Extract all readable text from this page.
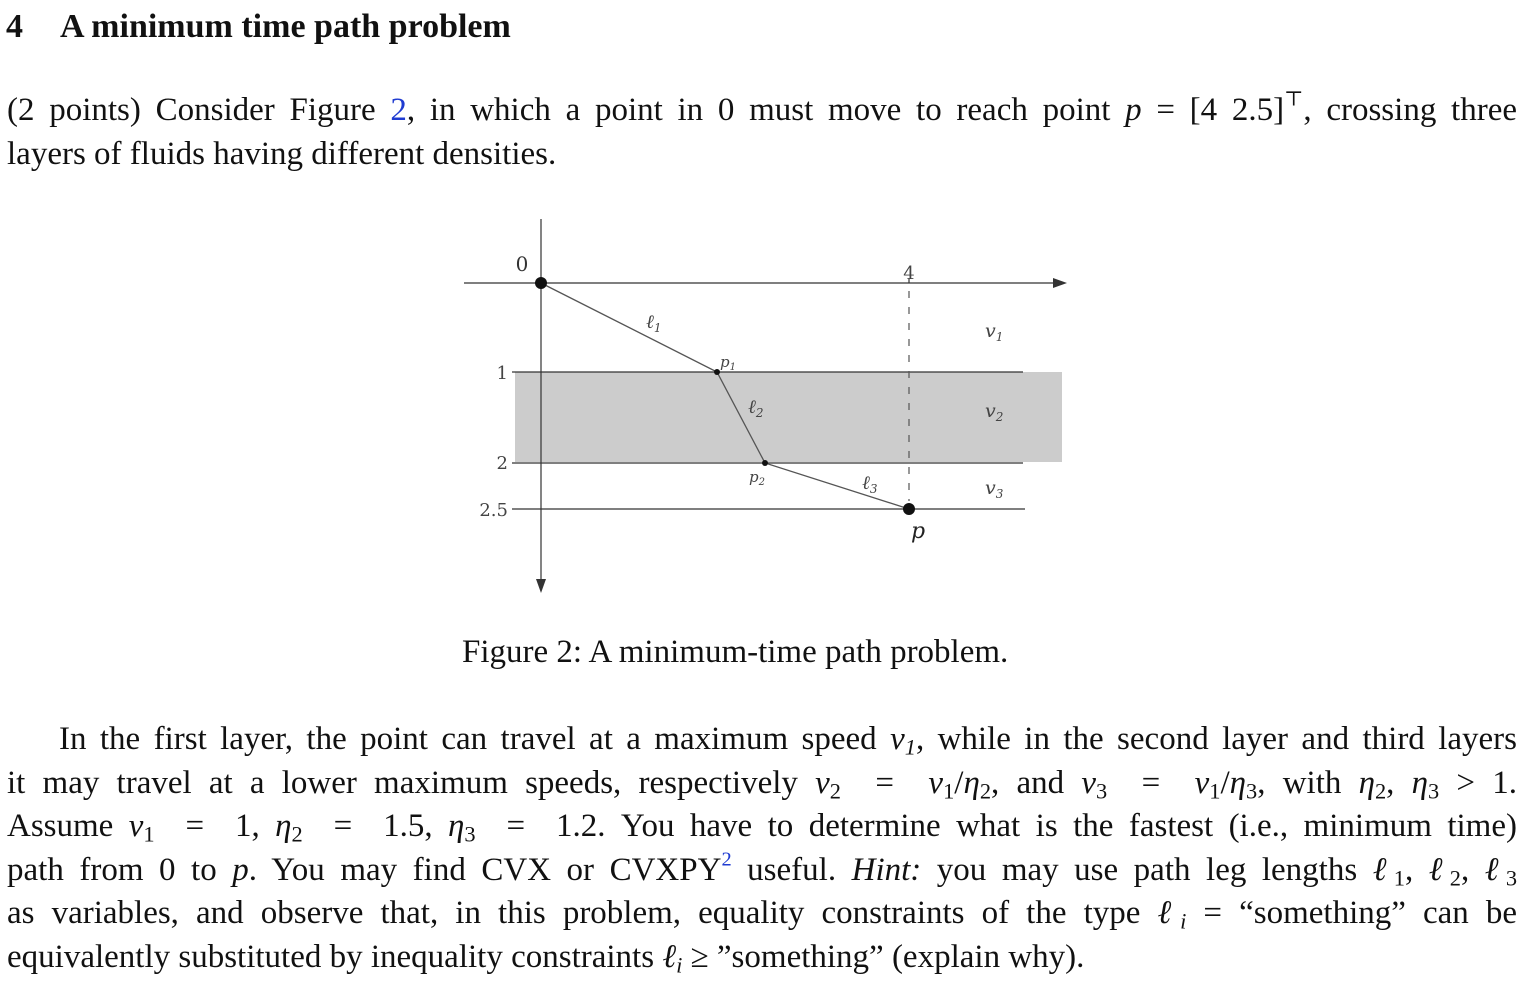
4 A minimum time path problem
(2 points) Consider Figure 2, in which a point in 0 must move to reach point p = [4 2.5]⊤, crossing three
layers of fluids having different densities.
0	4
1
2
2.5
$p_1$
$p_2$
p
ℓ$_1$
ℓ$_2$
ℓ$_3$
$v_1$
$v_2$
$v_3$
Figure 2: A minimum-time path problem.
In the first layer, the point can travel at a maximum speed $v_1$, while in the second layer and third layers
it may travel at a lower maximum speeds, respectively $v_2 = v_1/\eta_2$, and $v_3 = v_1/\eta_3$, with $\eta_2$, $\eta_3 > 1$.
Assume $v_1 = 1$, $\eta_2 = 1.5$, $\eta_3 = 1.2$. You have to determine what is the fastest (i.e., minimum time)
path from 0 to p. You may find CVX or CVXPY$^2$ useful. Hint: you may use path leg lengths ℓ$_1$, ℓ$_2$, ℓ$_3$
as variables, and observe that, in this problem, equality constraints of the type ℓ$_i$ = “something” can be
equivalently substituted by inequality constraints ℓ$_i$ ≥ ”something” (explain why).
